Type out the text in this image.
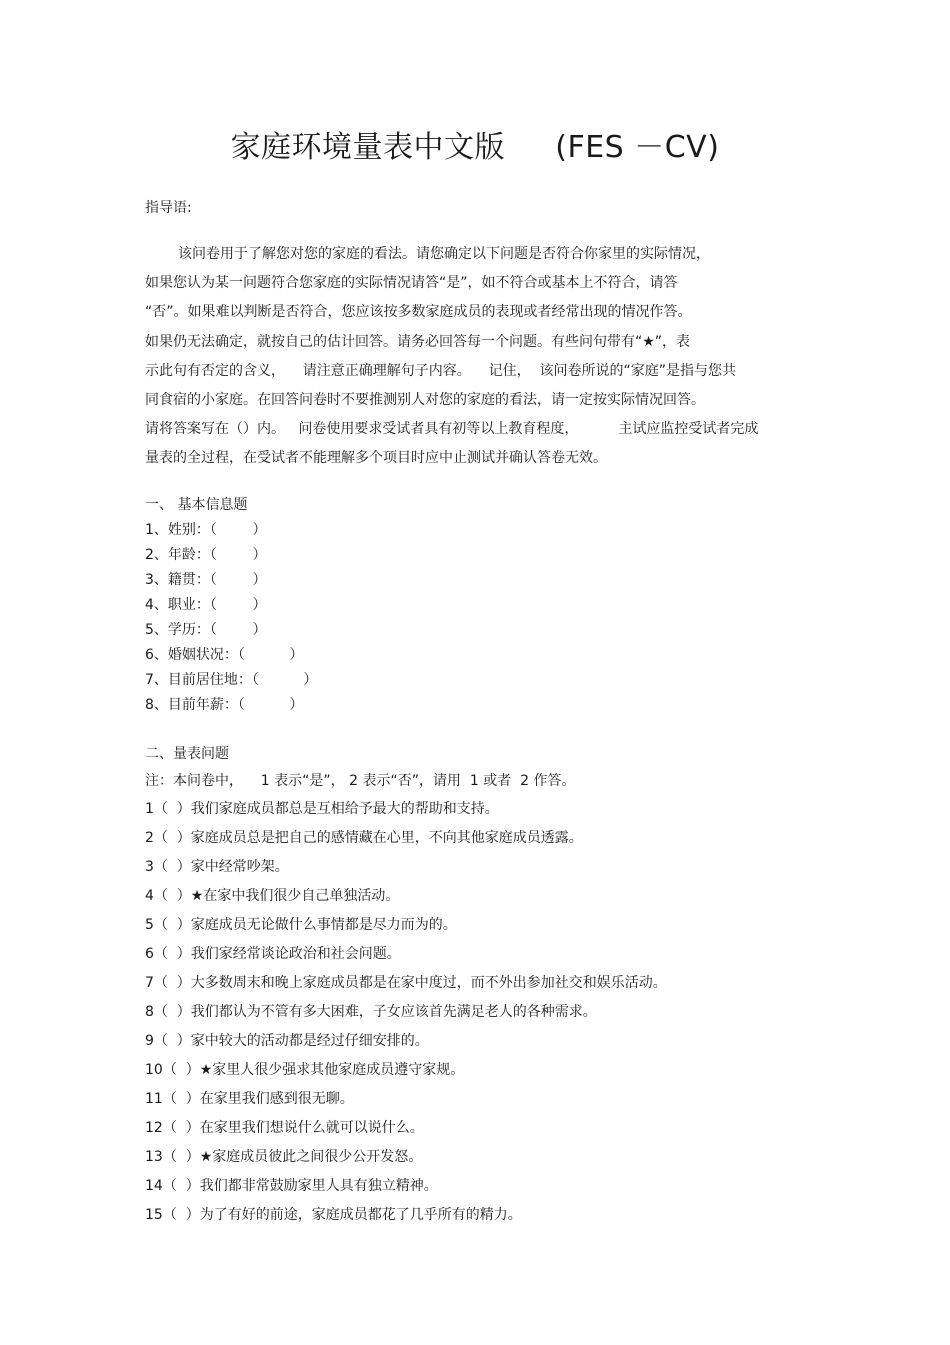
家庭环境量表中文版     (FES －CV)
指导语:
该问卷用于了解您对您的家庭的看法。请您确定以下问题是否符合你家里的实际情况，
如果您认为某一问题符合您家庭的实际情况请答“是”，如不符合或基本上不符合，请答
“否”。如果难以判断是否符合，您应该按多数家庭成员的表现或者经常出现的情况作答。
如果仍无法确定，就按自己的估计回答。请务必回答每一个问题。有些问句带有“★”，表
示此句有否定的含义，    请注意正确理解句子内容。    记住，  该问卷所说的“家庭”是指与您共
同食宿的小家庭。在回答问卷时不要推测别人对您的家庭的看法，请一定按实际情况回答。
请将答案写在（）内。   问卷使用要求受试者具有初等以上教育程度，         主试应监控受试者完成
量表的全过程，在受试者不能理解多个项目时应中止测试并确认答卷无效。
一、 基本信息题
1、姓别：（        ）
2、年龄：（        ）
3、籍贯：（        ）
4、职业：（        ）
5、学历：（        ）
6、婚姻状况：（          ）
7、目前居住地：（          ）
8、目前年薪：（          ）
二、量表问题
注：本问卷中，    1 表示“是”， 2 表示“否”，请用  1 或者  2 作答。
1（  ）我们家庭成员都总是互相给予最大的帮助和支持。
2（  ）家庭成员总是把自己的感情藏在心里，不向其他家庭成员透露。
3（  ）家中经常吵架。
4（  ）★在家中我们很少自己单独活动。
5（  ）家庭成员无论做什么事情都是尽力而为的。
6（  ）我们家经常谈论政治和社会问题。
7（  ）大多数周末和晚上家庭成员都是在家中度过，而不外出参加社交和娱乐活动。
8（  ）我们都认为不管有多大困难，子女应该首先满足老人的各种需求。
9（  ）家中较大的活动都是经过仔细安排的。
10（  ）★家里人很少强求其他家庭成员遵守家规。
11（  ）在家里我们感到很无聊。
12（  ）在家里我们想说什么就可以说什么。
13（  ）★家庭成员彼此之间很少公开发怒。
14（  ）我们都非常鼓励家里人具有独立精神。
15（  ）为了有好的前途，家庭成员都花了几乎所有的精力。
